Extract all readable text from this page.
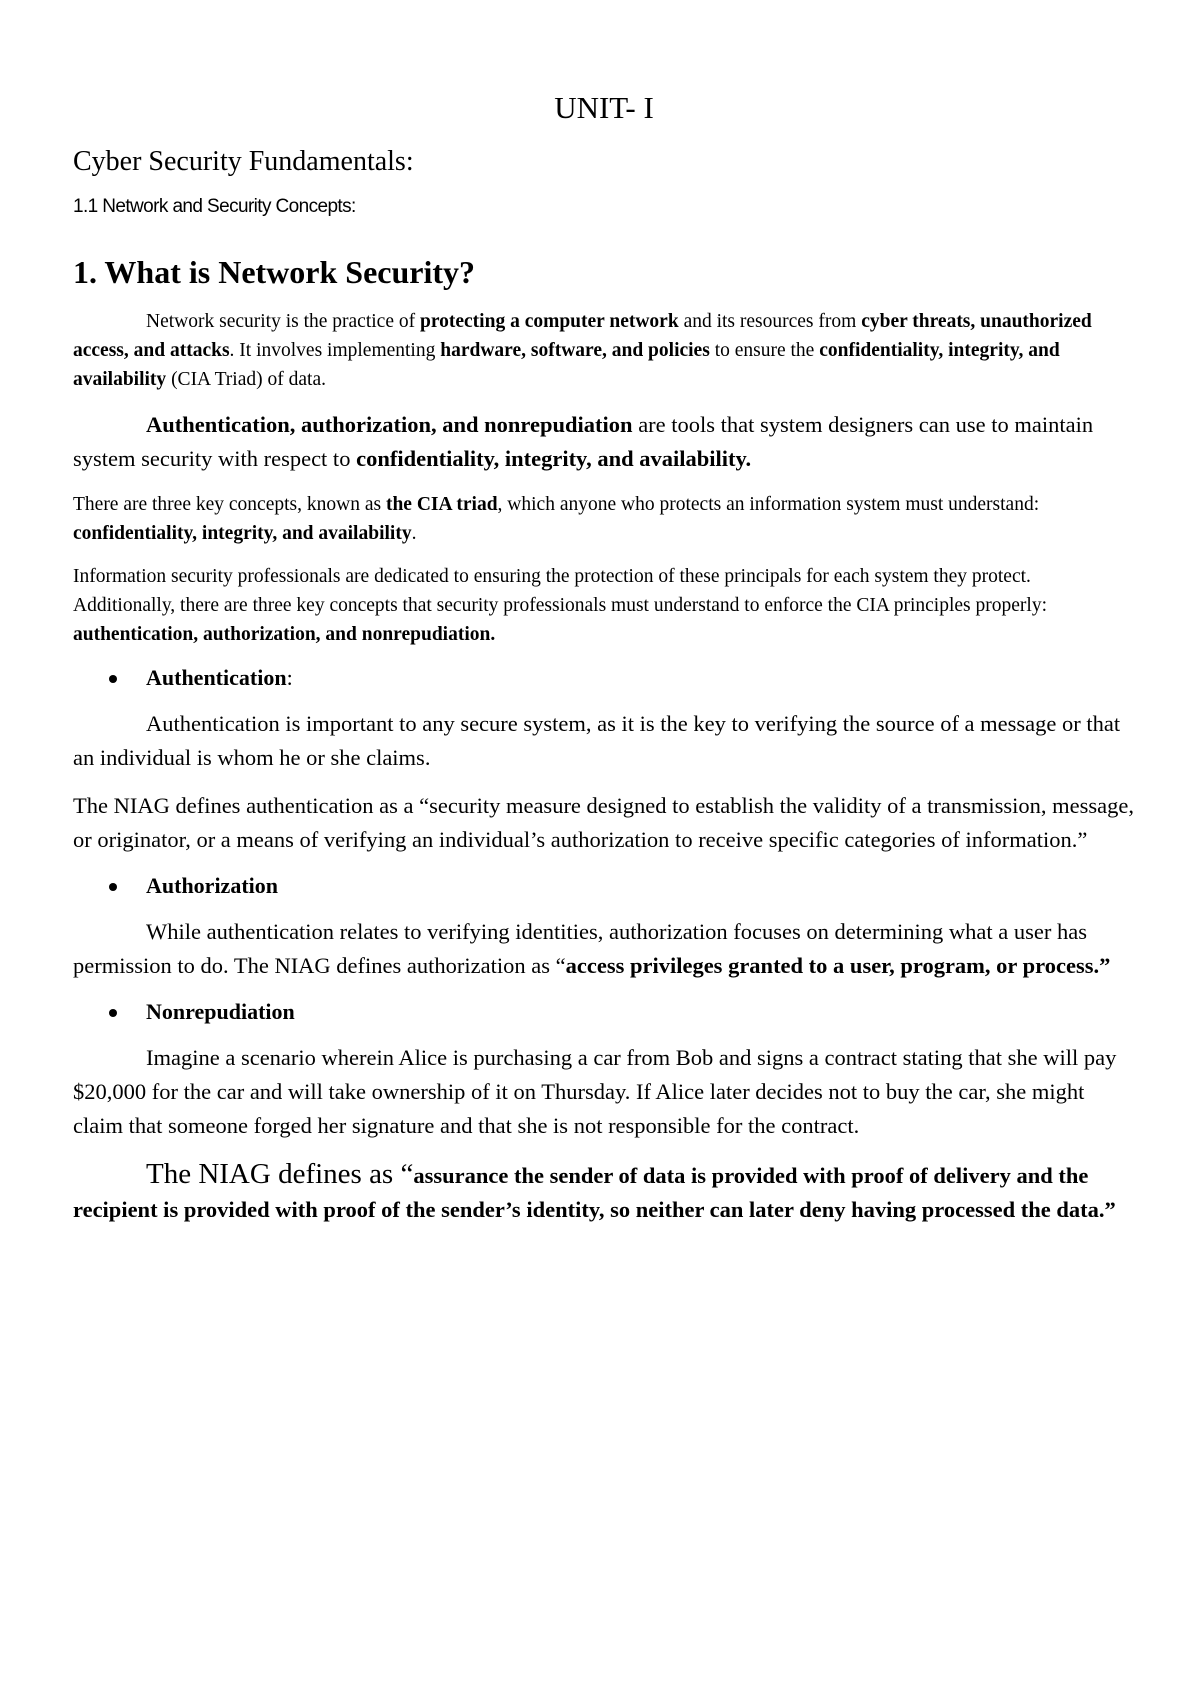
UNIT- I
Cyber Security Fundamentals:
1.1 Network and Security Concepts:
1. What is Network Security?

Network security is the practice of protecting a computer network and its resources from cyber threats, unauthorized access, and attacks. It involves implementing hardware, software, and policies to ensure the confidentiality, integrity, and availability (CIA Triad) of data.

Authentication, authorization, and nonrepudiation are tools that system designers can use to maintain system security with respect to confidentiality, integrity, and availability.

There are three key concepts, known as the CIA triad, which anyone who protects an information system must understand: confidentiality, integrity, and availability.

Information security professionals are dedicated to ensuring the protection of these principals for each system they protect. Additionally, there are three key concepts that security professionals must understand to enforce the CIA principles properly: authentication, authorization, and nonrepudiation.

Authentication:

Authentication is important to any secure system, as it is the key to verifying the source of a message or that an individual is whom he or she claims.

The NIAG defines authentication as a “security measure designed to establish the validity of a transmission, message, or originator, or a means of verifying an individual’s authorization to receive specific categories of information.”

Authorization

While authentication relates to verifying identities, authorization focuses on determining what a user has permission to do. The NIAG defines authorization as “access privileges granted to a user, program, or process.”

Nonrepudiation

Imagine a scenario wherein Alice is purchasing a car from Bob and signs a contract stating that she will pay $20,000 for the car and will take ownership of it on Thursday. If Alice later decides not to buy the car, she might claim that someone forged her signature and that she is not responsible for the contract.

The NIAG defines as “assurance the sender of data is provided with proof of delivery and the recipient is provided with proof of the sender’s identity, so neither can later deny having processed the data.”
